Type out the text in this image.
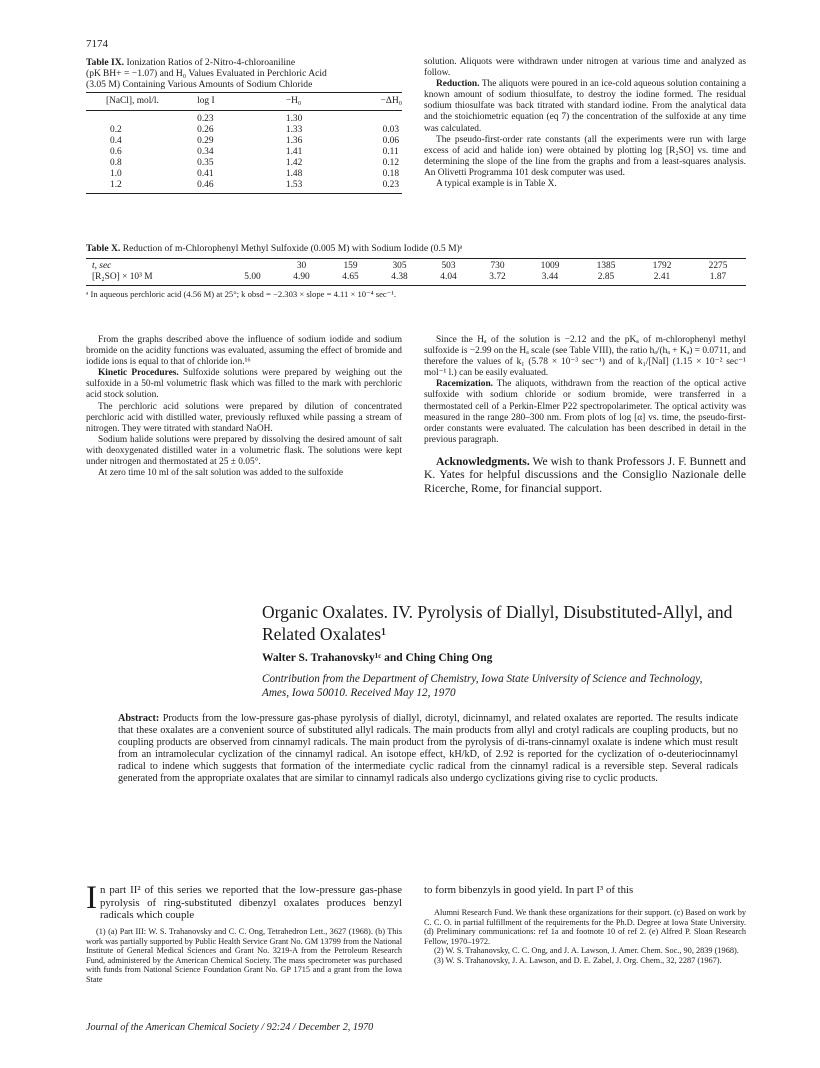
7174
Table IX. Ionization Ratios of 2-Nitro-4-chloroaniline
(pK BH+ = −1.07) and H₀ Values Evaluated in Perchloric Acid
(3.05 M) Containing Various Amounts of Sodium Chloride
[NaCl], mol/l.	log I	−H₀	−ΔH₀
	0.23	1.30	
0.2	0.26	1.33	0.03
0.4	0.29	1.36	0.06
0.6	0.34	1.41	0.11
0.8	0.35	1.42	0.12
1.0	0.41	1.48	0.18
1.2	0.46	1.53	0.23

solution. Aliquots were withdrawn under nitrogen at various time and analyzed as follow.

Reduction. The aliquots were poured in an ice-cold aqueous solution containing a known amount of sodium thiosulfate, to destroy the iodine formed. The residual sodium thiosulfate was back titrated with standard iodine. From the analytical data and the stoichiometric equation (eq 7) the concentration of the sulfoxide at any time was calculated.

The pseudo-first-order rate constants (all the experiments were run with large excess of acid and halide ion) were obtained by plotting log [R₂SO] vs. time and determining the slope of the line from the graphs and from a least-squares analysis. An Olivetti Programma 101 desk computer was used.

A typical example is in Table X.

Table X. Reduction of m-Chlorophenyl Methyl Sulfoxide (0.005 M) with Sodium Iodide (0.5 M)ᵃ
t, sec		30	159	305	503	730	1009	1385	1792	2275
[R₂SO] × 10³ M	5.00	4.90	4.65	4.38	4.04	3.72	3.44	2.85	2.41	1.87

ᵃ In aqueous perchloric acid (4.56 M) at 25°; k obsd = −2.303 × slope = 4.11 × 10⁻⁴ sec⁻¹.

From the graphs described above the influence of sodium iodide and sodium bromide on the acidity functions was evaluated, assuming the effect of bromide and iodide ions is equal to that of chloride ion.¹⁶

Kinetic Procedures. Sulfoxide solutions were prepared by weighing out the sulfoxide in a 50-ml volumetric flask which was filled to the mark with perchloric acid stock solution.

The perchloric acid solutions were prepared by dilution of concentrated perchloric acid with distilled water, previously refluxed while passing a stream of nitrogen. They were titrated with standard NaOH.

Sodium halide solutions were prepared by dissolving the desired amount of salt with deoxygenated distilled water in a volumetric flask. The solutions were kept under nitrogen and thermostated at 25 ± 0.05°.

At zero time 10 ml of the salt solution was added to the sulfoxide

Since the Hₐ of the solution is −2.12 and the pKₐ of m-chlorophenyl methyl sulfoxide is −2.99 on the Hₐ scale (see Table VIII), the ratio hₐ/(hₐ + Kₐ) = 0.0711, and therefore the values of k₁ (5.78 × 10⁻³ sec⁻¹) and of k₁/[NaI] (1.15 × 10⁻² sec⁻¹ mol⁻¹ l.) can be easily evaluated.

Racemization. The aliquots, withdrawn from the reaction of the optical active sulfoxide with sodium chloride or sodium bromide, were transferred in a thermostated cell of a Perkin-Elmer P22 spectropolarimeter. The optical activity was measured in the range 280–300 nm. From plots of log [α] vs. time, the pseudo-first-order constants were evaluated. The calculation has been described in detail in the previous paragraph.

Acknowledgments. We wish to thank Professors J. F. Bunnett and K. Yates for helpful discussions and the Consiglio Nazionale delle Ricerche, Rome, for financial support.

Organic Oxalates. IV. Pyrolysis of Diallyl, Disubstituted-Allyl, and Related Oxalates¹
Walter S. Trahanovsky¹ᶜ and Ching Ching Ong
Contribution from the Department of Chemistry, Iowa State University of Science and Technology, Ames, Iowa 50010. Received May 12, 1970
Abstract: Products from the low-pressure gas-phase pyrolysis of diallyl, dicrotyl, dicinnamyl, and related oxalates are reported. The results indicate that these oxalates are a convenient source of substituted allyl radicals. The main products from allyl and crotyl radicals are coupling products, but no coupling products are observed from cinnamyl radicals. The main product from the pyrolysis of di-trans-cinnamyl oxalate is indene which must result from an intramolecular cyclization of the cinnamyl radical. An isotope effect, kH/kD, of 2.92 is reported for the cyclization of o-deuteriocinnamyl radical to indene which suggests that formation of the intermediate cyclic radical from the cinnamyl radical is a reversible step. Several radicals generated from the appropriate oxalates that are similar to cinnamyl radicals also undergo cyclizations giving rise to cyclic products.
In part II² of this series we reported that the low-pressure gas-phase pyrolysis of ring-substituted dibenzyl oxalates produces benzyl radicals which couple
to form bibenzyls in good yield. In part I³ of this

(1) (a) Part III: W. S. Trahanovsky and C. C. Ong, Tetrahedron Lett., 3627 (1968). (b) This work was partially supported by Public Health Service Grant No. GM 13799 from the National Institute of General Medical Sciences and Grant No. 3219-A from the Petroleum Research Fund, administered by the American Chemical Society. The mass spectrometer was purchased with funds from National Science Foundation Grant No. GP 1715 and a grant from the Iowa State

Alumni Research Fund. We thank these organizations for their support. (c) Based on work by C. C. O. in partial fulfillment of the requirements for the Ph.D. Degree at Iowa State University. (d) Preliminary communications: ref 1a and footnote 10 of ref 2. (e) Alfred P. Sloan Research Fellow, 1970–1972.

(2) W. S. Trahanovsky, C. C. Ong, and J. A. Lawson, J. Amer. Chem. Soc., 90, 2839 (1968).

(3) W. S. Trahanovsky, J. A. Lawson, and D. E. Zabel, J. Org. Chem., 32, 2287 (1967).

Journal of the American Chemical Society / 92:24 / December 2, 1970
